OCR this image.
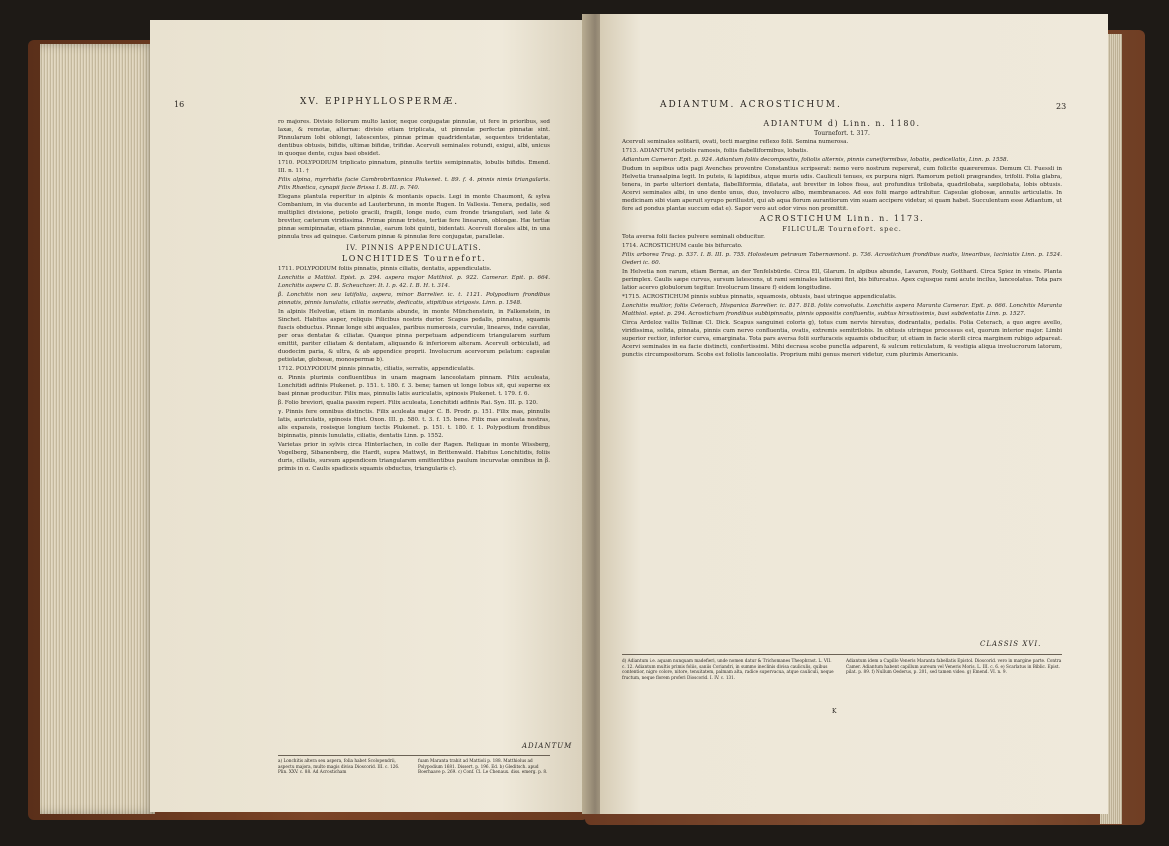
16	XV. EPIPHYLLOSPERMÆ.

ro majores. Divisio foliorum multo laxior, neque conjugatæ pinnulæ, ut fere in prioribus, sed laxæ, & remotæ, alternæ: divisio etiam triplicata, ut pinnulæ perfectæ pinnatæ sint. Pinnularum lobi oblongi, latescentes, pinnæ primæ quadridentatæ, sequentes tridentatæ, dentibus obtusis, bifidis, ultimæ bifidæ, trifidæ. Acervuli seminales rotundi, exigui, albi, unicus in quoque dente, cujus basi obsidet.

1710. POLYPODIUM triplicato pinnatum, pinnulis tertiis semipinnatis, lobulis bifidis. Emend. III. n. 11. †

Filix alpina, myrrhidis facie Cambrobritannica Plukenet. t. 89. f. 4. pinnis nimis triangularis. Filix Rhætica, cynapii facie Brissa I. B. III. p. 740.

Elegans plantula reperitur in alpinis & montanis opacis. Legi in monte Chaumont, & sylva Combanium, in via ducente ad Lauterbrunn, in monte Rugen. In Vallesia. Tenera, pedalis, sed multiplici divisione, petiolo gracili, fragili, longe nudo, cum fronde triangulari, sed late & breviter, cæterum viridissima. Primæ pinnæ tristes, tertiæ fere linearum, oblongæ. Hæ tertiæ pinnæ semipinnatæ, etiam pinnulæ, earum lobi quinti, bidentati. Acervuli florales albi, in una pinnula tres ad quinque. Cæterum pinnæ & pinnulæ fere conjugatæ, parallelæ.

IV. PINNIS APPENDICULATIS.
LONCHITIDES Tournefort.

1711. POLYPODIUM foliis pinnatis, pinnis ciliatis, dentatis, appendiculatis.

Lonchitis a Mattiol. Epist. p. 294. aspera major Matthiol. p. 922. Camerar. Epit. p. 664. Lonchitis aspera C. B. Scheuchzer. It. I. p. 42. I. B. H. t. 314.

β. Lonchitis non seu latifolia, aspera, minor Barrelier. ic. t. 1121. Polypodium frondibus pinnatis, pinnis lunulatis, ciliatis serratis, dedicatis, stipitibus strigosis. Linn. p. 1548.

In alpinis Helvetiæ, etiam in montanis abunde, in monte Münchenstein, in Falkenstein, in Sinchet. Habitus asper, reliquis Filicibus nostris durior. Scapus pedalis, pinnatus, squamis fuscis obductus. Pinnæ longe sibi æquales, paribus numerosis, curvulæ, lineares, inde cavulæ, per oras dentatæ & ciliatæ. Quæque pinna perpetuam adpendicem triangularem surfum emittit, pariter ciliatam & dentatam, aliquando & inferiorem alteram. Acervuli orbiculati, ad duodecim paria, & ultra, & ab appendice proprii. Involucrum acervorum pelatum: capsulæ petiolatæ, globosæ, monospermæ b).

1712. POLYPODIUM pinnis pinnatis, ciliatis, serratis, appendiculatis.

α. Pinnis plurimis confluentibus in unam magnam lanceolatam pinnam. Filix aculeata, Lonchitidi adfinis Plukenet. p. 151. t. 180. f. 3. bene; tamen ut longe lobus sit, qui superne ex basi pinnæ producitur. Filix mas, pinnulis latis auriculatis, spinosis Plukenet. t. 179. f. 6.

β. Folio breviori, qualia passim reperi. Filix aculeata, Lonchitidi adfinis Rai. Syn. III. p. 120.

γ. Pinnis fere omnibus distinctis. Filix aculeata major C. B. Prodr. p. 151. Filix mas, pinnulis latis, auriculatis, spinosis Hist. Oxon. III. p. 580. t. 3. f. 15. bene. Filix mas aculeata nostras, alis expansis, rosisque longium tectis Plukenet. p. 151. t. 180. f. 1. Polypodium frondibus bipinnatis, pinnis lunulatis, ciliatis, dentatis Linn. p. 1552.

Varietas prior in sylvis circa Hinterlachen, in colle der Ragen. Reliquæ in monte Wissberg, Vogelberg, Sibanenberg, die Hardt, supra Mattwyl, in Brittenwald. Habitus Lonchitidis, foliis duris, ciliatis, sursum appendicem triangularem emittentibus paulum incurvatæ omnibus in β. primis in α. Caulis spadiceis squamis obductus, triangularis c).

ADIANTUM
a) Lonchitis altera seu aspera, folia habet Scolopendrii, aspectu majora, multo magis divisa Dioscorid. III. c. 126. Plin. XXV. c. 88. Ad Acrosticham
fuam Maranta trahit ad Mattioli p. 188. Matthiolus ad Polypodium 1681. Dissert. p. 196. Ed. b) Gleditsch. apud Boerhaave p. 269. c) Conf. Cl. Le Chenaux. diss. emerg. p. 8.
ADIANTUM. ACROSTICHUM.	23
ADIANTUM d) Linn. n. 1180.
Tournefort. t. 317.

Acervuli seminales solitarii, ovati, tecti margine reflexo folii. Semina numerosa.

1713. ADIANTUM petiolis ramosis, foliis flabelliformibus, lobatis.

Adiantum Camerar. Epit. p. 924. Adiantum foliis decompositis, foliolis alternis, pinnis cuneiformibus, lobatis, pedicellatis, Linn. p. 1558.

Dudum in sepibus udis pagi Avenches proventre Constantius scripserat: nemo vero nostrum repererat, cum folicite quæreremus. Demum Cl. Fuessli in Helvetia transalpina legit. In puteis, & lapidibus, atque muris udis. Cauliculi tenues, ex purpura nigri. Ramorum petioli prægrandes, trifolii. Folia glabra, tenera, in parte ulteriori dentata, flabelliformia, dilatata, aut breviter in lobos fissa, aut profundius trilobata, quadrilobata, sæpilobata, lobis obtusis. Acervi seminales albi, in uno dente unus, duo, involucro albo, membranaceo. Ad eos folii margo adtrahitur. Capsulæ globosæ, annulis articulatis. In medicinam sibi viam aperuit syrupo perillustri, qui ab aqua florum aurantiorum vim suam accipere videtur, si quam habet. Succulentum esse Adiantum, ut fere ad pondus plantæ succum edat e). Sapor vero aut odor vires non promittit.

ACROSTICHUM Linn. n. 1173.
FILICULÆ Tournefort. spec.

Tota aversa folii facies pulvere seminali obducitur.

1714. ACROSTICHUM caule bis bifurcato.

Filix arborea Trag. p. 537. I. B. III. p. 755. Holosteum petræum Tabernæmont. p. 736. Acrostichum frondibus nudis, linearibus, laciniatis Linn. p. 1524. Oederi ic. 60.

In Helvetia non rarum, etiam Bernæ, an der Tenfelsbürde. Circa Ell, Glarum. In alpibus abunde, Lavaron, Fouly, Gotthard. Circa Spiez in vineis. Planta perimplex. Caulis sæpe curvus, sursum latescens, ut rami seminales latissimi fint, bis bifurcatus. Apex cujusque rami acute incilus, lanceolatus. Tota pars latior acervo globulorum tegitur. Involucrum lineare f) eidem longitudine.

*1715. ACROSTICHUM pinnis subtus pinnatis, squamosis, obtusis, basi utrinque appendiculatis.

Lonchitis multior, foliis Ceterach, Hispanica Barrelier. ic. 817. 818. foliis convolutis. Lonchitis aspera Maranta Camerar. Epit. p. 666. Lonchitis Maranta Matthiol. epist. p. 294. Acrostichum frondibus subbipinnatis, pinnis oppositis confluentis, subtus hirsutissimis, basi subdentatis Linn. p. 1527.

Circa Ardeloz vallis Tellinæ Cl. Dick. Scapus sanguinei coloris g), totus cum nervis hirsutus, dodrantalis, pedalis. Folia Ceterach, a quo ægre avello, viridissima, solida, pinnata, pinnis cum nervo confluentia, ovatis, extremis semitrilobis. In obtusis utrinque processus est, quorum interior major. Limbi superior rectior, inferior curva, emarginata. Tota pars aversa folii surfuraceis squamis obducitur, ut etiam in facie sterili circa marginem rubigo adpareat. Acervi seminales in ea facie distincti, confertissimi. Mihi decrasa scobe punctla adparent, & sulcum reticulatum, & vestigia aliqua involucrorum latorum, punctis circumpositorum. Scobs est foliolis lanceolatis. Proprium mihi genus mereri videtur, cum plurimis Americanis.

CLASSIS XVI.
d) Adiantum i.e. aquam nunquam madefieri, unde nomen datur & Trichomanes Theophrast. L. VII. c. 12. Adiantum multis primis foliis, saniis Coriandri, in summo ineclinis divisa cauliculis, quibus contentior, nigro colore, nitore, tenuitatem, palmam alta, radice supervacua, atque cauliculi, neque fructum, neque florem proferi Dioscorid. I. IV. c. 131.
Adiantum idem a Capillo Veneris Maranta fabellatis Epistol. Dioscorid. vero in margine parte. Contra Camer. Adiantum habent capillum aureum vel Veneris Moris. L. III. c. 6. e) Scarlatus in Biblic. Epist. pilat. p. 89. f) Nullum Oederus, p. 201, sed tamen video. g) Emend. VI. n. 9.
K
